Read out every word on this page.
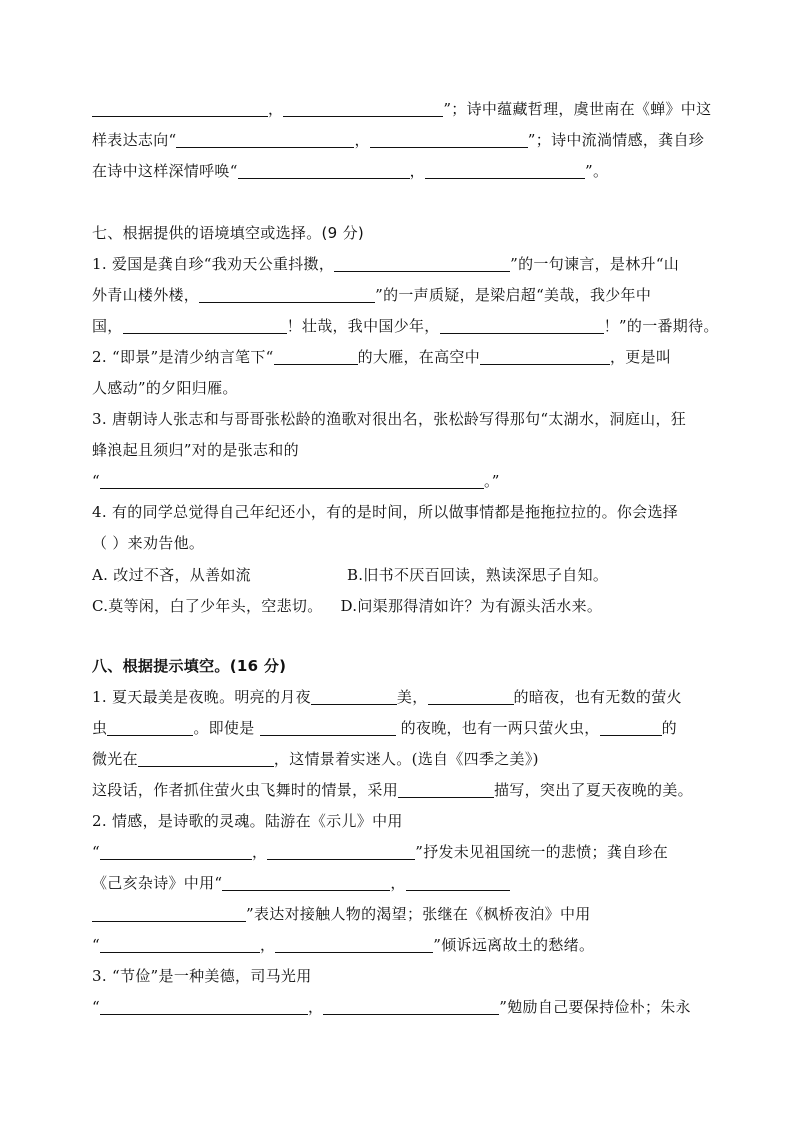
，	”；诗中蕴藏哲理，虞世南在《蝉》中这
样表达志向“	，	”；诗中流淌情感，龚自珍
在诗中这样深情呼唤“	，	”。
七、根据提供的语境填空或选择。(9 分)
1. 爱国是龚自珍“我劝天公重抖擞，	”的一句谏言，是林升“山
外青山楼外楼，	”的一声质疑，是梁启超“美哉，我少年中
国，	！壮哉，我中国少年，	！”的一番期待。
2. “即景”是清少纳言笔下“	的大雁，在高空中	，更是叫
人感动”的夕阳归雁。
3. 唐朝诗人张志和与哥哥张松龄的渔歌对很出名，张松龄写得那句“太湖水，洞庭山，狂
蜂浪起且须归”对的是张志和的
“	。”
4. 有的同学总觉得自己年纪还小，有的是时间，所以做事情都是拖拖拉拉的。你会选择
（ ）来劝告他。
A. 改过不吝，从善如流	B.旧书不厌百回读，熟读深思子自知。
C.莫等闲，白了少年头，空悲切。 D.问渠那得清如许？为有源头活水来。
八、根据提示填空。(16 分)
1. 夏天最美是夜晚。明亮的月夜	美，	的暗夜，也有无数的萤火
虫	。即使是	的夜晚，也有一两只萤火虫，	的
微光在	，这情景着实迷人。(选自《四季之美》)
这段话，作者抓住萤火虫飞舞时的情景，采用	描写，突出了夏天夜晚的美。
2. 情感，是诗歌的灵魂。陆游在《示儿》中用
“	，	”抒发未见祖国统一的悲愤；龚自珍在
《己亥杂诗》中用“	，
”表达对接触人物的渴望；张继在《枫桥夜泊》中用
“	，	”倾诉远离故土的愁绪。
3. “节俭”是一种美德，司马光用
“	，	”勉励自己要保持俭朴；朱永
